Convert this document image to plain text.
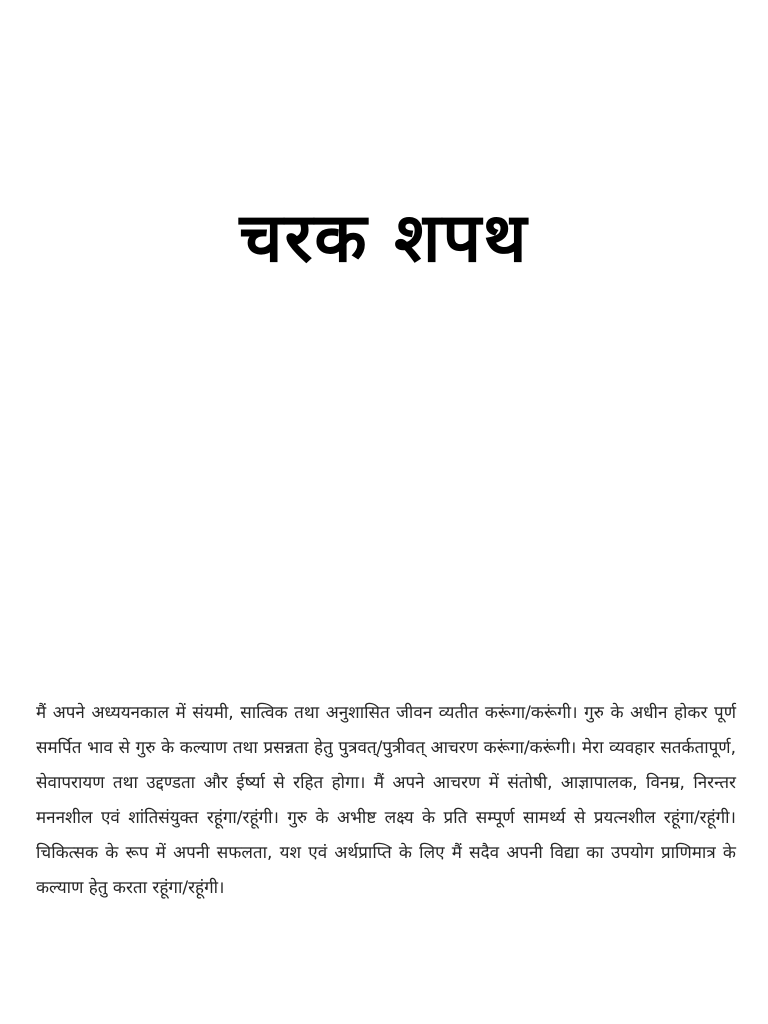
चरक शपथ

मैं अपने अध्ययनकाल में संयमी, सात्विक तथा अनुशासित जीवन व्यतीत करूंगा/करूंगी। गुरु के अधीन होकर पूर्ण समर्पित भाव से गुरु के कल्याण तथा प्रसन्नता हेतु पुत्रवत्/पुत्रीवत् आचरण करूंगा/करूंगी। मेरा व्यवहार सतर्कतापूर्ण, सेवापरायण तथा उद्दण्डता और ईर्ष्या से रहित होगा। मैं अपने आचरण में संतोषी, आज्ञापालक, विनम्र, निरन्तर मननशील एवं शांतिसंयुक्त रहूंगा/रहूंगी। गुरु के अभीष्ट लक्ष्य के प्रति सम्पूर्ण सामर्थ्य से प्रयत्नशील रहूंगा/रहूंगी। चिकित्सक के रूप में अपनी सफलता, यश एवं अर्थप्राप्ति के लिए मैं सदैव अपनी विद्या का उपयोग प्राणिमात्र के कल्याण हेतु करता रहूंगा/रहूंगी।
